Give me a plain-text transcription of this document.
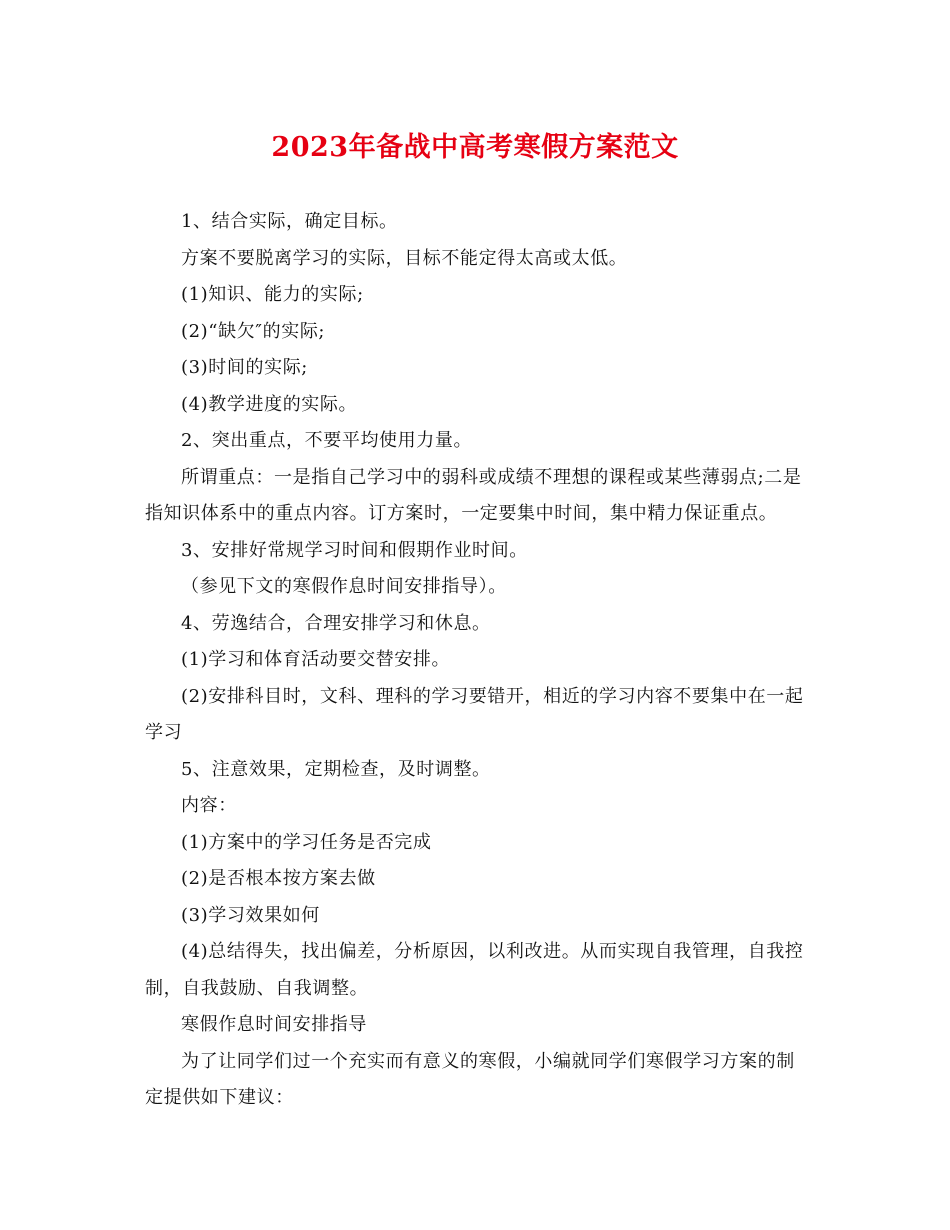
2023年备战中高考寒假方案范文

1、结合实际，确定目标。

方案不要脱离学习的实际，目标不能定得太高或太低。

(1)知识、能力的实际;

(2)“缺欠″的实际;

(3)时间的实际;

(4)教学进度的实际。

2、突出重点，不要平均使用力量。

所谓重点：一是指自己学习中的弱科或成绩不理想的课程或某些薄弱点;二是

指知识体系中的重点内容。订方案时，一定要集中时间，集中精力保证重点。

3、安排好常规学习时间和假期作业时间。

（参见下文的寒假作息时间安排指导）。

4、劳逸结合，合理安排学习和休息。

(1)学习和体育活动要交替安排。

(2)安排科目时，文科、理科的学习要错开，相近的学习内容不要集中在一起

学习

5、注意效果，定期检查，及时调整。

内容：

(1)方案中的学习任务是否完成

(2)是否根本按方案去做

(3)学习效果如何

(4)总结得失，找出偏差，分析原因，以利改进。从而实现自我管理，自我控

制，自我鼓励、自我调整。

寒假作息时间安排指导

为了让同学们过一个充实而有意义的寒假，小编就同学们寒假学习方案的制

定提供如下建议：
